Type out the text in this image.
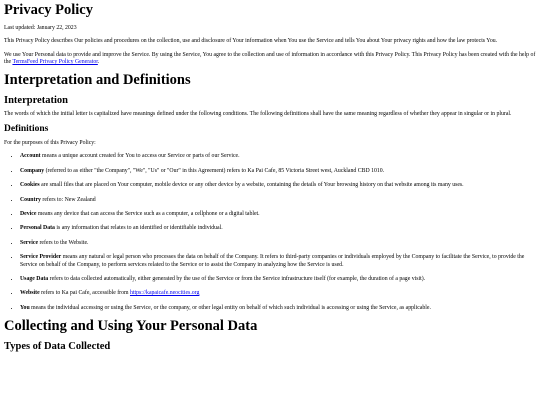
Privacy Policy

Last updated: January 22, 2023

This Privacy Policy describes Our policies and procedures on the collection, use and disclosure of Your information when You use the Service and tells You about Your privacy rights and how the law protects You.

We use Your Personal data to provide and improve the Service. By using the Service, You agree to the collection and use of information in accordance with this Privacy Policy. This Privacy Policy has been created with the help of the TermsFeed Privacy Policy Generator.

Interpretation and Definitions
Interpretation

The words of which the initial letter is capitalized have meanings defined under the following conditions. The following definitions shall have the same meaning regardless of whether they appear in singular or in plural.

Definitions

For the purposes of this Privacy Policy:

• Account means a unique account created for You to access our Service or parts of our Service.
• Company (referred to as either "the Company", "We", "Us" or "Our" in this Agreement) refers to Ka Pai Cafe, 85 Victoria Street west, Auckland CBD 1010.
• Cookies are small files that are placed on Your computer, mobile device or any other device by a website, containing the details of Your browsing history on that website among its many uses.
• Country refers to: New Zealand
• Device means any device that can access the Service such as a computer, a cellphone or a digital tablet.
• Personal Data is any information that relates to an identified or identifiable individual.
• Service refers to the Website.
• Service Provider means any natural or legal person who processes the data on behalf of the Company. It refers to third-party companies or individuals employed by the Company to facilitate the Service, to provide the Service on behalf of the Company, to perform services related to the Service or to assist the Company in analyzing how the Service is used.
• Usage Data refers to data collected automatically, either generated by the use of the Service or from the Service infrastructure itself (for example, the duration of a page visit).
• Website refers to Ka pai Cafe, accessible from https://kapaicafe.neocities.org
• You means the individual accessing or using the Service, or the company, or other legal entity on behalf of which such individual is accessing or using the Service, as applicable.
Collecting and Using Your Personal Data
Types of Data Collected
